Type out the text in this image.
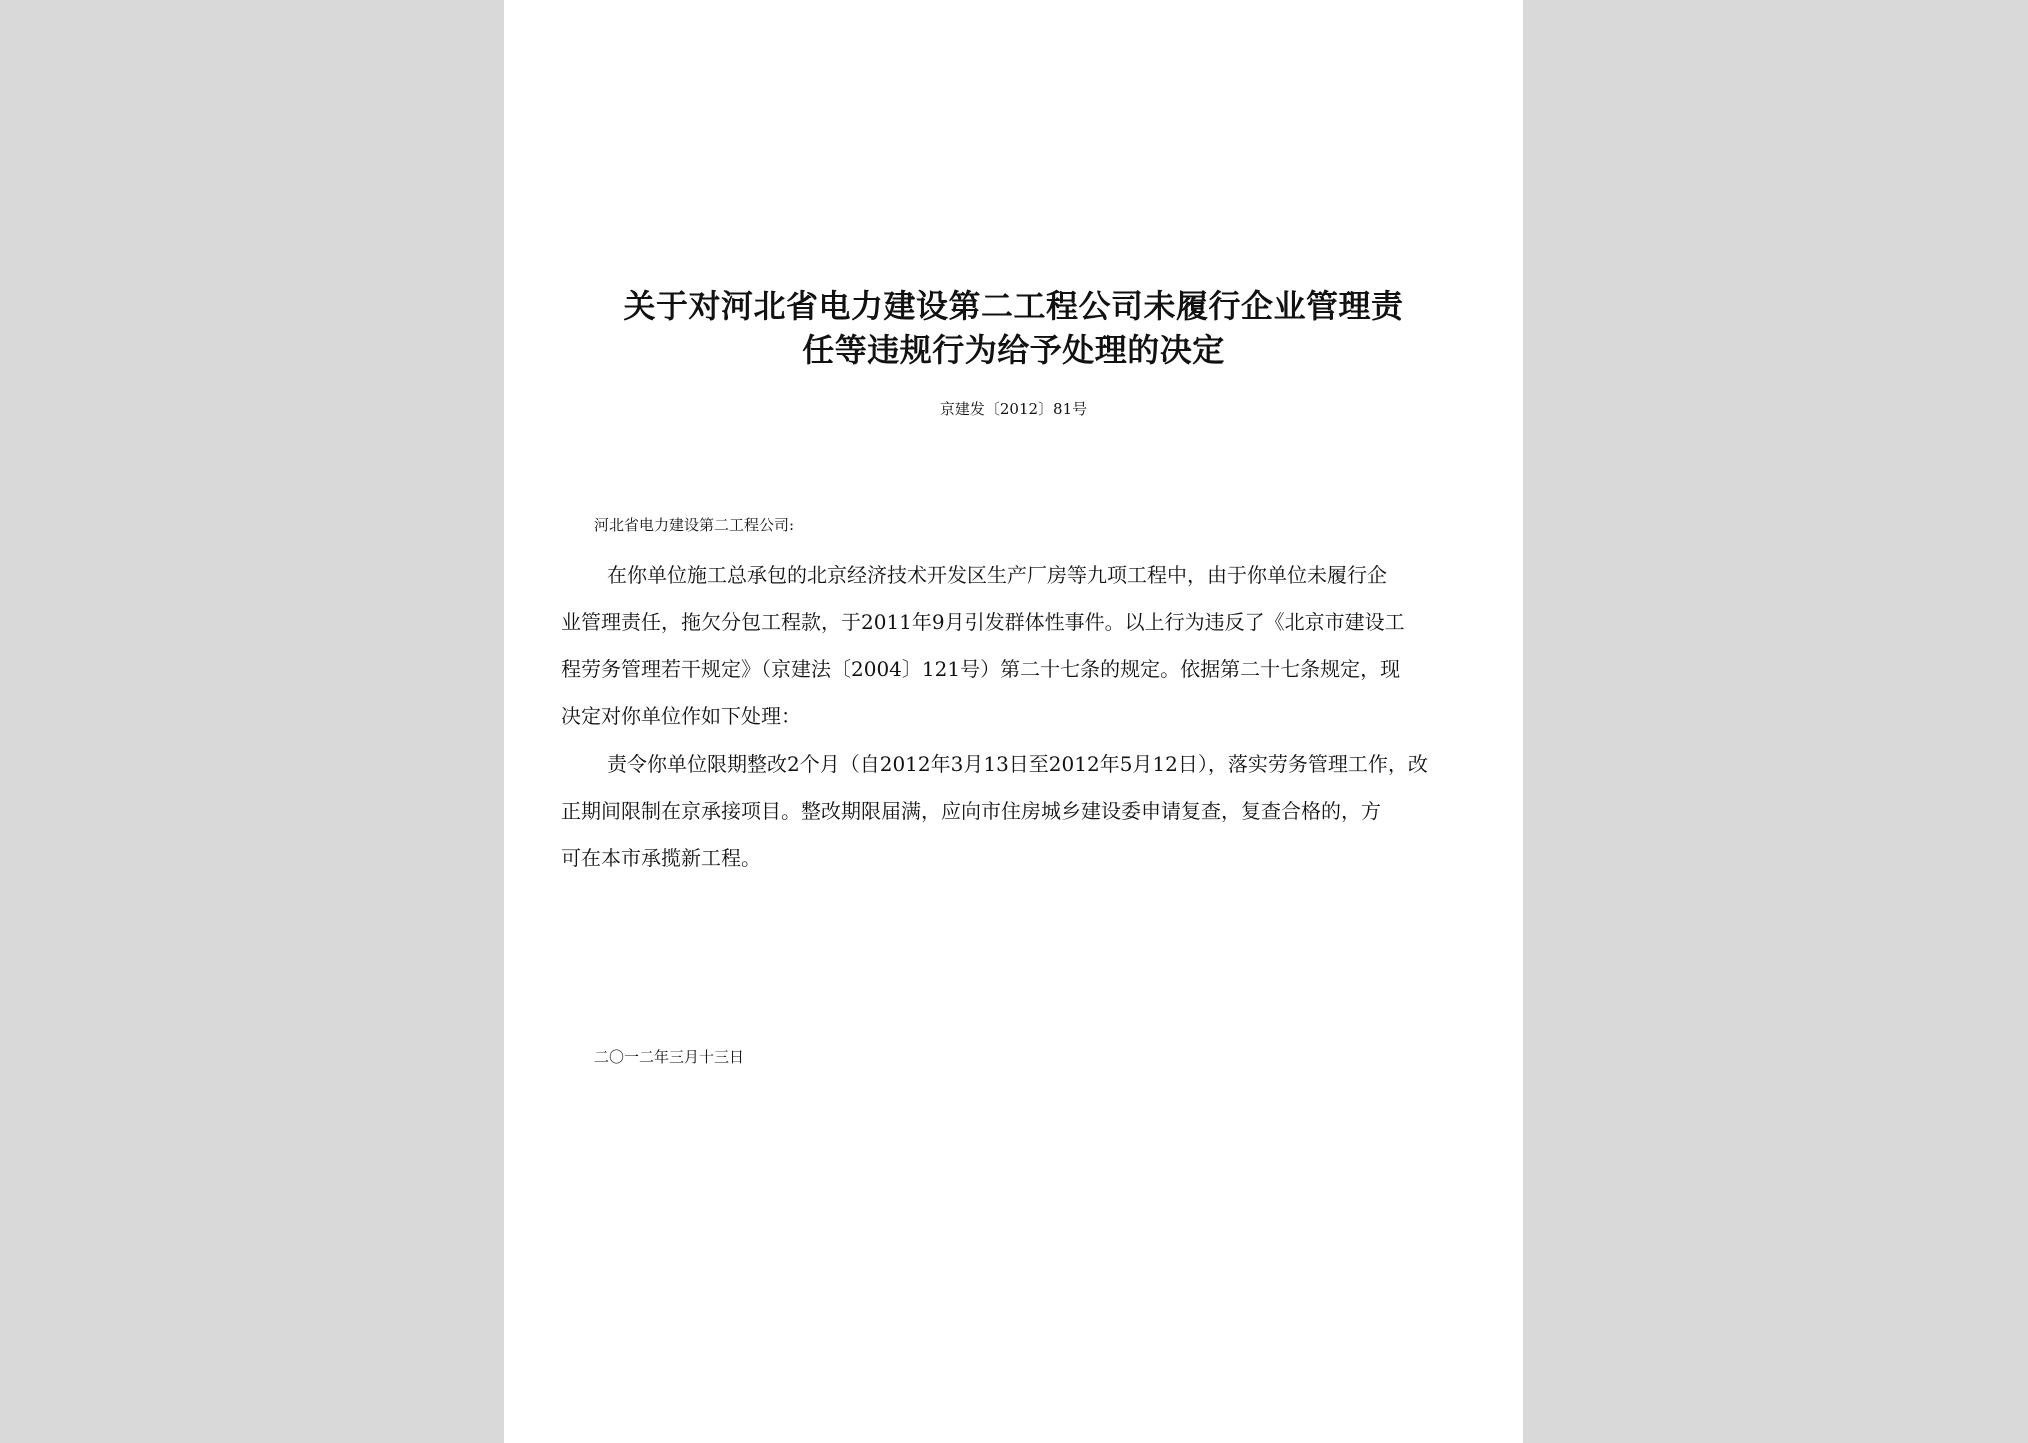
关于对河北省电力建设第二工程公司未履行企业管理责
任等违规行为给予处理的决定
京建发〔2012〕81号
河北省电力建设第二工程公司:
在你单位施工总承包的北京经济技术开发区生产厂房等九项工程中，由于你单位未履行企
业管理责任，拖欠分包工程款，于2011年9月引发群体性事件。以上行为违反了《北京市建设工
程劳务管理若干规定》（京建法〔2004〕121号）第二十七条的规定。依据第二十七条规定，现
决定对你单位作如下处理：
责令你单位限期整改2个月（自2012年3月13日至2012年5月12日），落实劳务管理工作，改
正期间限制在京承接项目。整改期限届满，应向市住房城乡建设委申请复查，复查合格的，方
可在本市承揽新工程。
二〇一二年三月十三日
